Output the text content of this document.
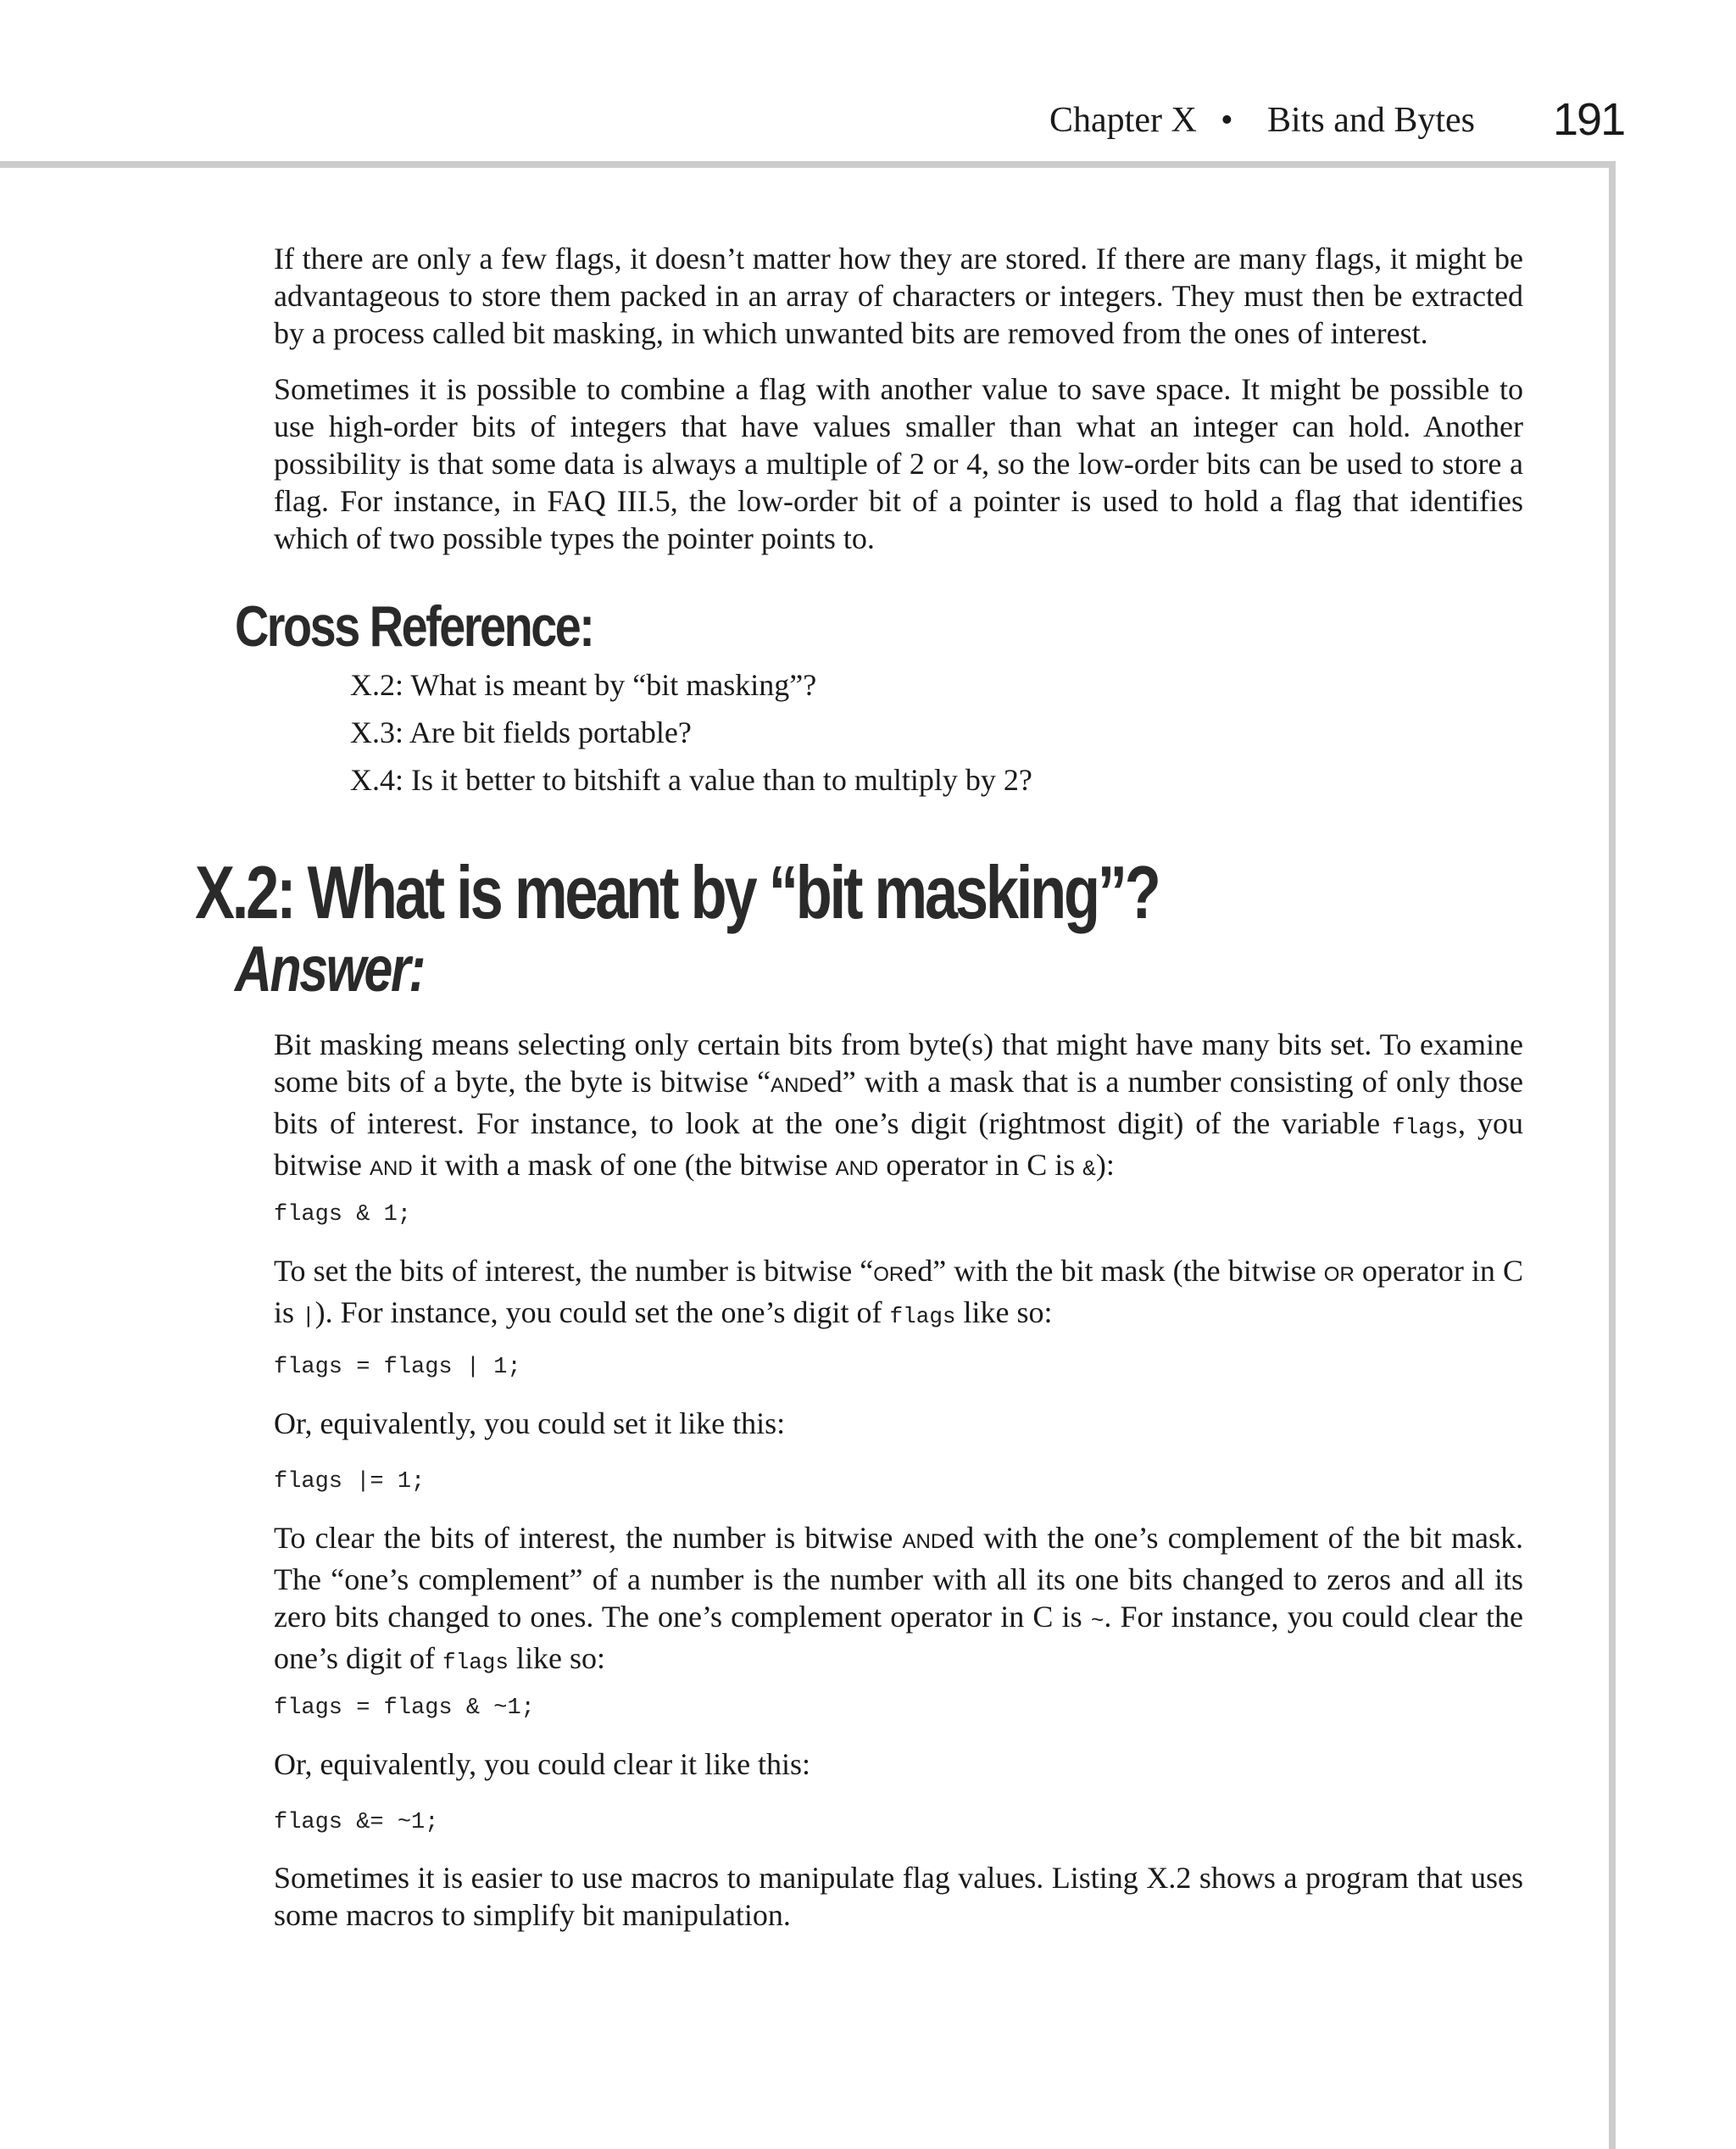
Chapter X • Bits and Bytes 191

If there are only a few flags, it doesn’t matter how they are stored. If there are many flags, it might be advantageous to store them packed in an array of characters or integers. They must then be extracted by a process called bit masking, in which unwanted bits are removed from the ones of interest.

Sometimes it is possible to combine a flag with another value to save space. It might be possible to use high-order bits of integers that have values smaller than what an integer can hold. Another possibility is that some data is always a multiple of 2 or 4, so the low-order bits can be used to store a flag. For instance, in FAQ III.5, the low-order bit of a pointer is used to hold a flag that identifies which of two possible types the pointer points to.

Cross Reference:

X.2: What is meant by “bit masking”?

X.3: Are bit fields portable?

X.4: Is it better to bitshift a value than to multiply by 2?

X.2: What is meant by “bit masking”?
Answer:

Bit masking means selecting only certain bits from byte(s) that might have many bits set. To examine some bits of a byte, the byte is bitwise “ANDed” with a mask that is a number consisting of only those bits of interest. For instance, to look at the one’s digit (rightmost digit) of the variable flags, you bitwise AND it with a mask of one (the bitwise AND operator in C is &):

flags & 1;

To set the bits of interest, the number is bitwise “ORed” with the bit mask (the bitwise OR operator in C is |). For instance, you could set the one’s digit of flags like so:

flags = flags | 1;

Or, equivalently, you could set it like this:

flags |= 1;

To clear the bits of interest, the number is bitwise ANDed with the one’s complement of the bit mask. The “one’s complement” of a number is the number with all its one bits changed to zeros and all its zero bits changed to ones. The one’s complement operator in C is ~. For instance, you could clear the one’s digit of flags like so:

flags = flags & ~1;

Or, equivalently, you could clear it like this:

flags &= ~1;

Sometimes it is easier to use macros to manipulate flag values. Listing X.2 shows a program that uses some macros to simplify bit manipulation.
